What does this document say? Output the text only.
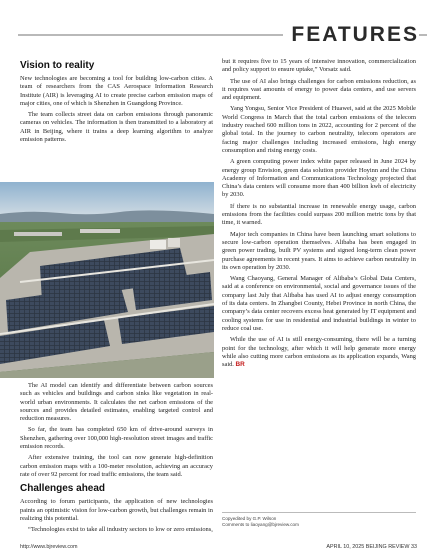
FEATURES
Vision to reality

New technologies are becoming a tool for building low-carbon cities. A team of researchers from the CAS Aerospace Information Research Institute (AIR) is leveraging AI to create precise carbon emission maps of major cities, one of which is Shenzhen in Guangdong Province.

The team collects street data on carbon emissions through panoramic cameras on vehicles. The information is then transmitted to a laboratory at AIR in Beijing, where it trains a deep learning algorithm to analyze emission patterns.

The AI model can identify and differentiate between carbon sources such as vehicles and buildings and carbon sinks like vegetation in real-world urban environments. It calculates the net carbon emissions of the sources and provides detailed estimates, enabling targeted control and reduction measures.

So far, the team has completed 650 km of drive-around surveys in Shenzhen, gathering over 100,000 high-resolution street images and traffic emission records.

After extensive training, the tool can now generate high-definition carbon emission maps with a 100-meter resolution, achieving an accuracy rate of over 92 percent for road traffic emissions, the team said.

Challenges ahead

According to forum participants, the application of new technologies paints an optimistic vision for low-carbon growth, but challenges remain in realizing this potential.

“Technologies exist to take all industry sectors to low or zero emissions,

but it requires five to 15 years of intensive innovation, commercialization and policy support to ensure uptake,” Vorsatz said.

The use of AI also brings challenges for carbon emissions reduction, as it requires vast amounts of energy to power data centers, and use servers and equipment.

Yang Yongsu, Senior Vice President of Huawei, said at the 2025 Mobile World Congress in March that the total carbon emissions of the telecom industry reached 600 million tons in 2022, accounting for 2 percent of the global total. In the journey to carbon neutrality, telecom operators are facing major challenges including increased emissions, high energy consumption and rising energy costs.

A green computing power index white paper released in June 2024 by energy group Envision, green data solution provider Hoyinn and the China Academy of Information and Communications Technology projected that China’s data centers will consume more than 400 billion kwh of electricity by 2030.

If there is no substantial increase in renewable energy usage, carbon emissions from the facilities could surpass 200 million metric tons by that time, it warned.

Major tech companies in China have been launching smart solutions to secure low-carbon operation themselves. Alibaba has been engaged in green power trading, built PV systems and signed long-term clean power purchase agreements in recent years. It aims to achieve carbon neutrality in its own operation by 2030.

Wang Chaoyang, General Manager of Alibaba’s Global Data Centers, said at a conference on environmental, social and governance issues of the company last July that Alibaba has used AI to adjust energy consumption of its data centers. In Zhangbei County, Hebei Province in north China, the company’s data center recovers excess heat generated by IT equipment and cooling systems for use in residential and industrial buildings in winter to reduce coal use.

While the use of AI is still energy-consuming, there will be a turning point for the technology, after which it will help generate more energy while also cutting more carbon emissions as its application expands, Wang said. BR

Copyedited by G.P. Wilson
Comments to liaoyang@bjreview.com
http://www.bjreview.com	APRIL 10, 2025 BEIJING REVIEW 33
